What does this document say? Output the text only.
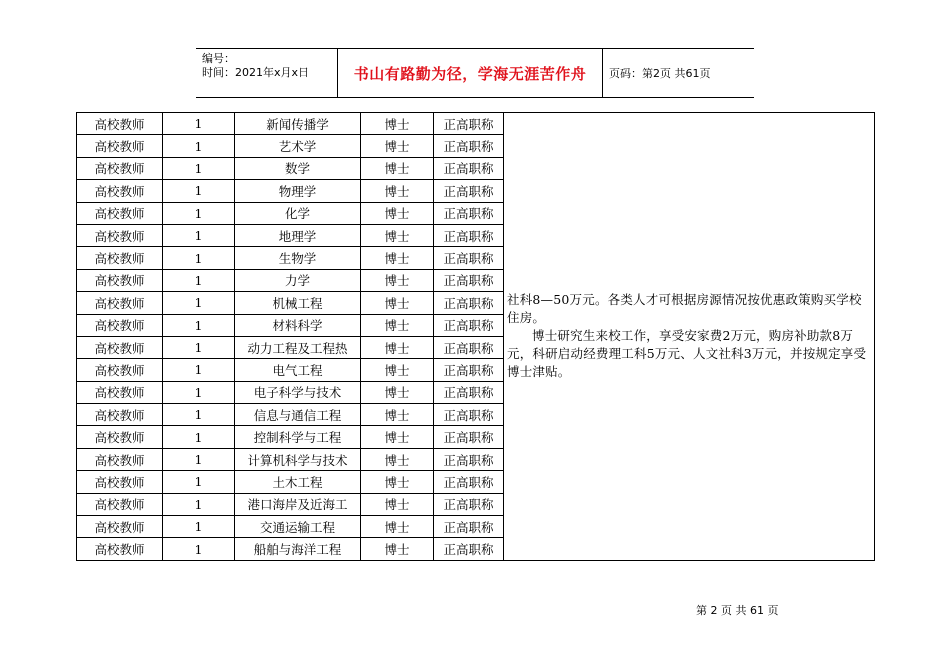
编号：
时间：2021年x月x日	书山有路勤为径，学海无涯苦作舟	页码：第2页 共61页
高校教师	1	新闻传播学	博士	正高职称	社科8—50万元。各类人才可根据房源情况按优惠政策购买学校住房。

博士研究生来校工作，享受安家费2万元，购房补助款8万元，科研启动经费理工科5万元、人文社科3万元，并按规定享受博士津贴。

高校教师	1	艺术学	博士	正高职称	
高校教师	1	数学	博士	正高职称	
高校教师	1	物理学	博士	正高职称	
高校教师	1	化学	博士	正高职称	
高校教师	1	地理学	博士	正高职称	
高校教师	1	生物学	博士	正高职称	
高校教师	1	力学	博士	正高职称	
高校教师	1	机械工程	博士	正高职称	
高校教师	1	材料科学	博士	正高职称	
高校教师	1	动力工程及工程热	博士	正高职称	
高校教师	1	电气工程	博士	正高职称	
高校教师	1	电子科学与技术	博士	正高职称	
高校教师	1	信息与通信工程	博士	正高职称	
高校教师	1	控制科学与工程	博士	正高职称	
高校教师	1	计算机科学与技术	博士	正高职称	
高校教师	1	土木工程	博士	正高职称	
高校教师	1	港口海岸及近海工	博士	正高职称	
高校教师	1	交通运输工程	博士	正高职称	
高校教师	1	船舶与海洋工程	博士	正高职称	
第 2 页 共 61 页
